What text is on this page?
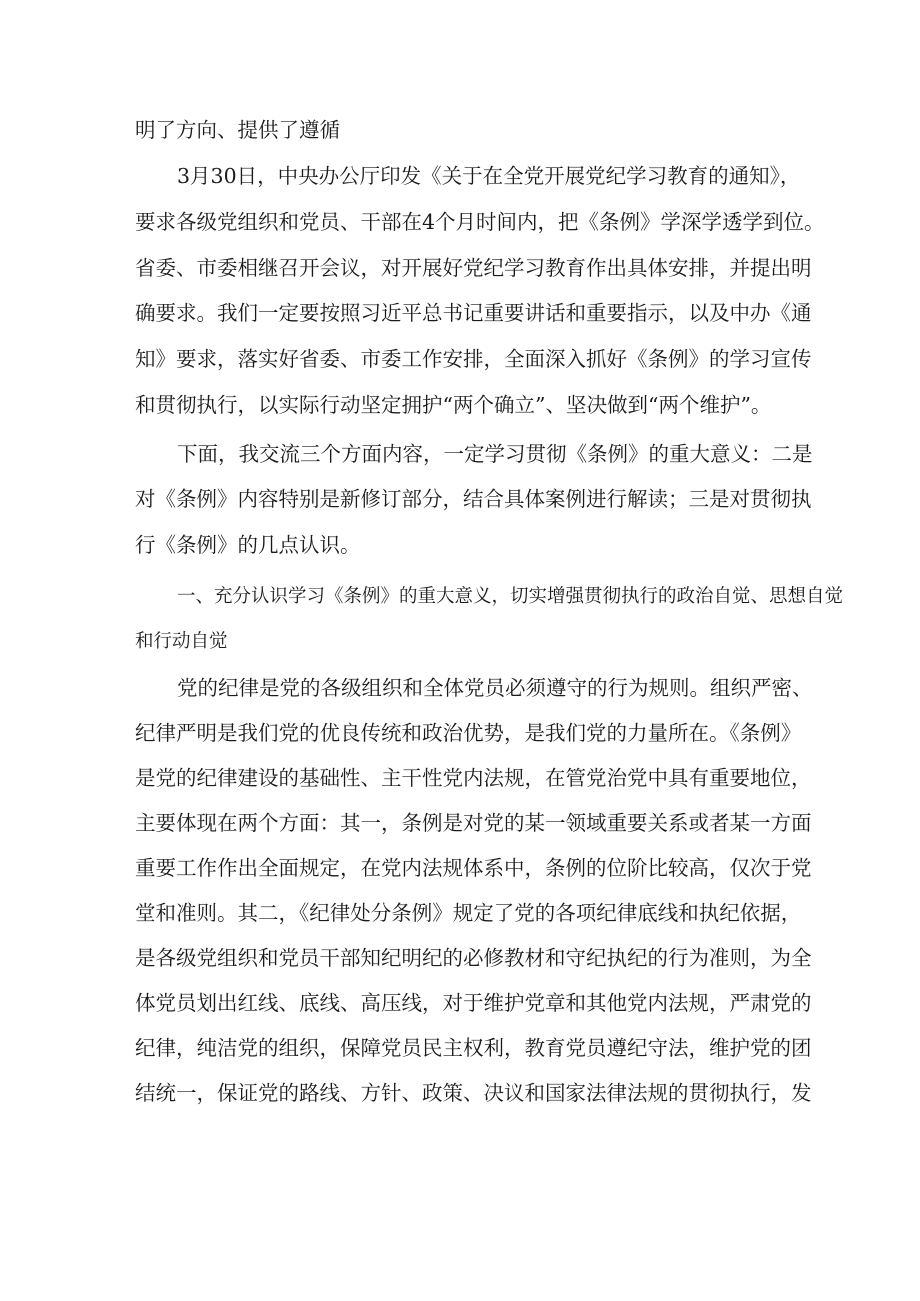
明了方向、提供了遵循
3月30日，中央办公厅印发《关于在全党开展党纪学习教育的通知》，
要求各级党组织和党员、干部在4个月时间内，把《条例》学深学透学到位。
省委、市委相继召开会议，对开展好党纪学习教育作出具体安排，并提出明
确要求。我们一定要按照习近平总书记重要讲话和重要指示，以及中办《通
知》要求，落实好省委、市委工作安排，全面深入抓好《条例》的学习宣传
和贯彻执行，以实际行动坚定拥护“两个确立”、坚决做到“两个维护”。
下面，我交流三个方面内容，一定学习贯彻《条例》的重大意义：二是
对《条例》内容特别是新修订部分，结合具体案例进行解读；三是对贯彻执
行《条例》的几点认识。
一、充分认识学习《条例》的重大意义，切实增强贯彻执行的政治自觉、思想自觉
和行动自觉
党的纪律是党的各级组织和全体党员必须遵守的行为规则。组织严密、
纪律严明是我们党的优良传统和政治优势，是我们党的力量所在。《条例》
是党的纪律建设的基础性、主干性党内法规，在管党治党中具有重要地位，
主要体现在两个方面：其一，条例是对党的某一领域重要关系或者某一方面
重要工作作出全面规定，在党内法规体系中，条例的位阶比较高，仅次于党
堂和准则。其二，《纪律处分条例》规定了党的各项纪律底线和执纪依据，
是各级党组织和党员干部知纪明纪的必修教材和守纪执纪的行为准则，为全
体党员划出红线、底线、高压线，对于维护党章和其他党内法规，严肃党的
纪律，纯洁党的组织，保障党员民主权利，教育党员遵纪守法，维护党的团
结统一，保证党的路线、方针、政策、决议和国家法律法规的贯彻执行，发
